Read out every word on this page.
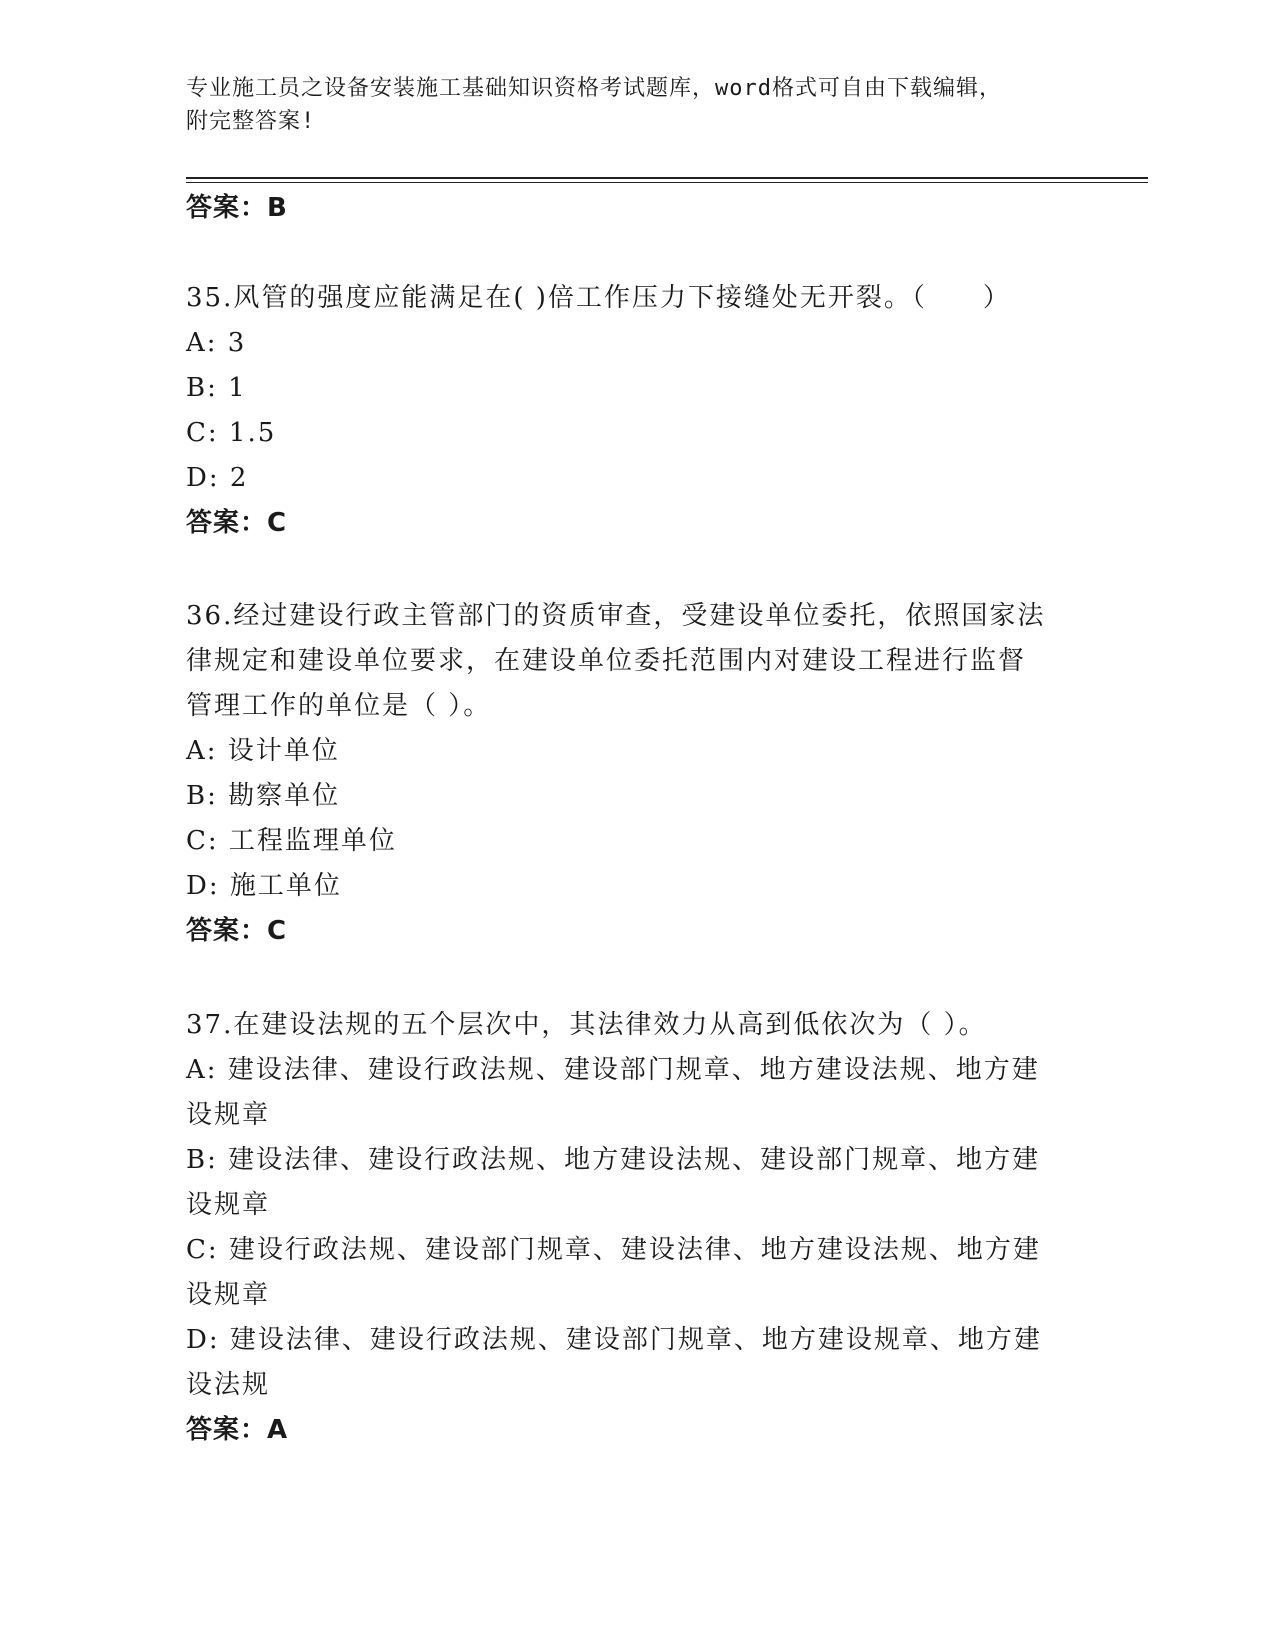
专业施工员之设备安装施工基础知识资格考试题库，word格式可自由下载编辑，
附完整答案!
答案：B
35.风管的强度应能满足在( )倍工作压力下接缝处无开裂。（　　）
A: 3
B: 1
C: 1.5
D: 2
答案：C
36.经过建设行政主管部门的资质审查，受建设单位委托，依照国家法
律规定和建设单位要求，在建设单位委托范围内对建设工程进行监督
管理工作的单位是（ ）。
A: 设计单位
B: 勘察单位
C: 工程监理单位
D: 施工单位
答案：C
37.在建设法规的五个层次中，其法律效力从高到低依次为（ ）。
A: 建设法律、建设行政法规、建设部门规章、地方建设法规、地方建
设规章
B: 建设法律、建设行政法规、地方建设法规、建设部门规章、地方建
设规章
C: 建设行政法规、建设部门规章、建设法律、地方建设法规、地方建
设规章
D: 建设法律、建设行政法规、建设部门规章、地方建设规章、地方建
设法规
答案：A
